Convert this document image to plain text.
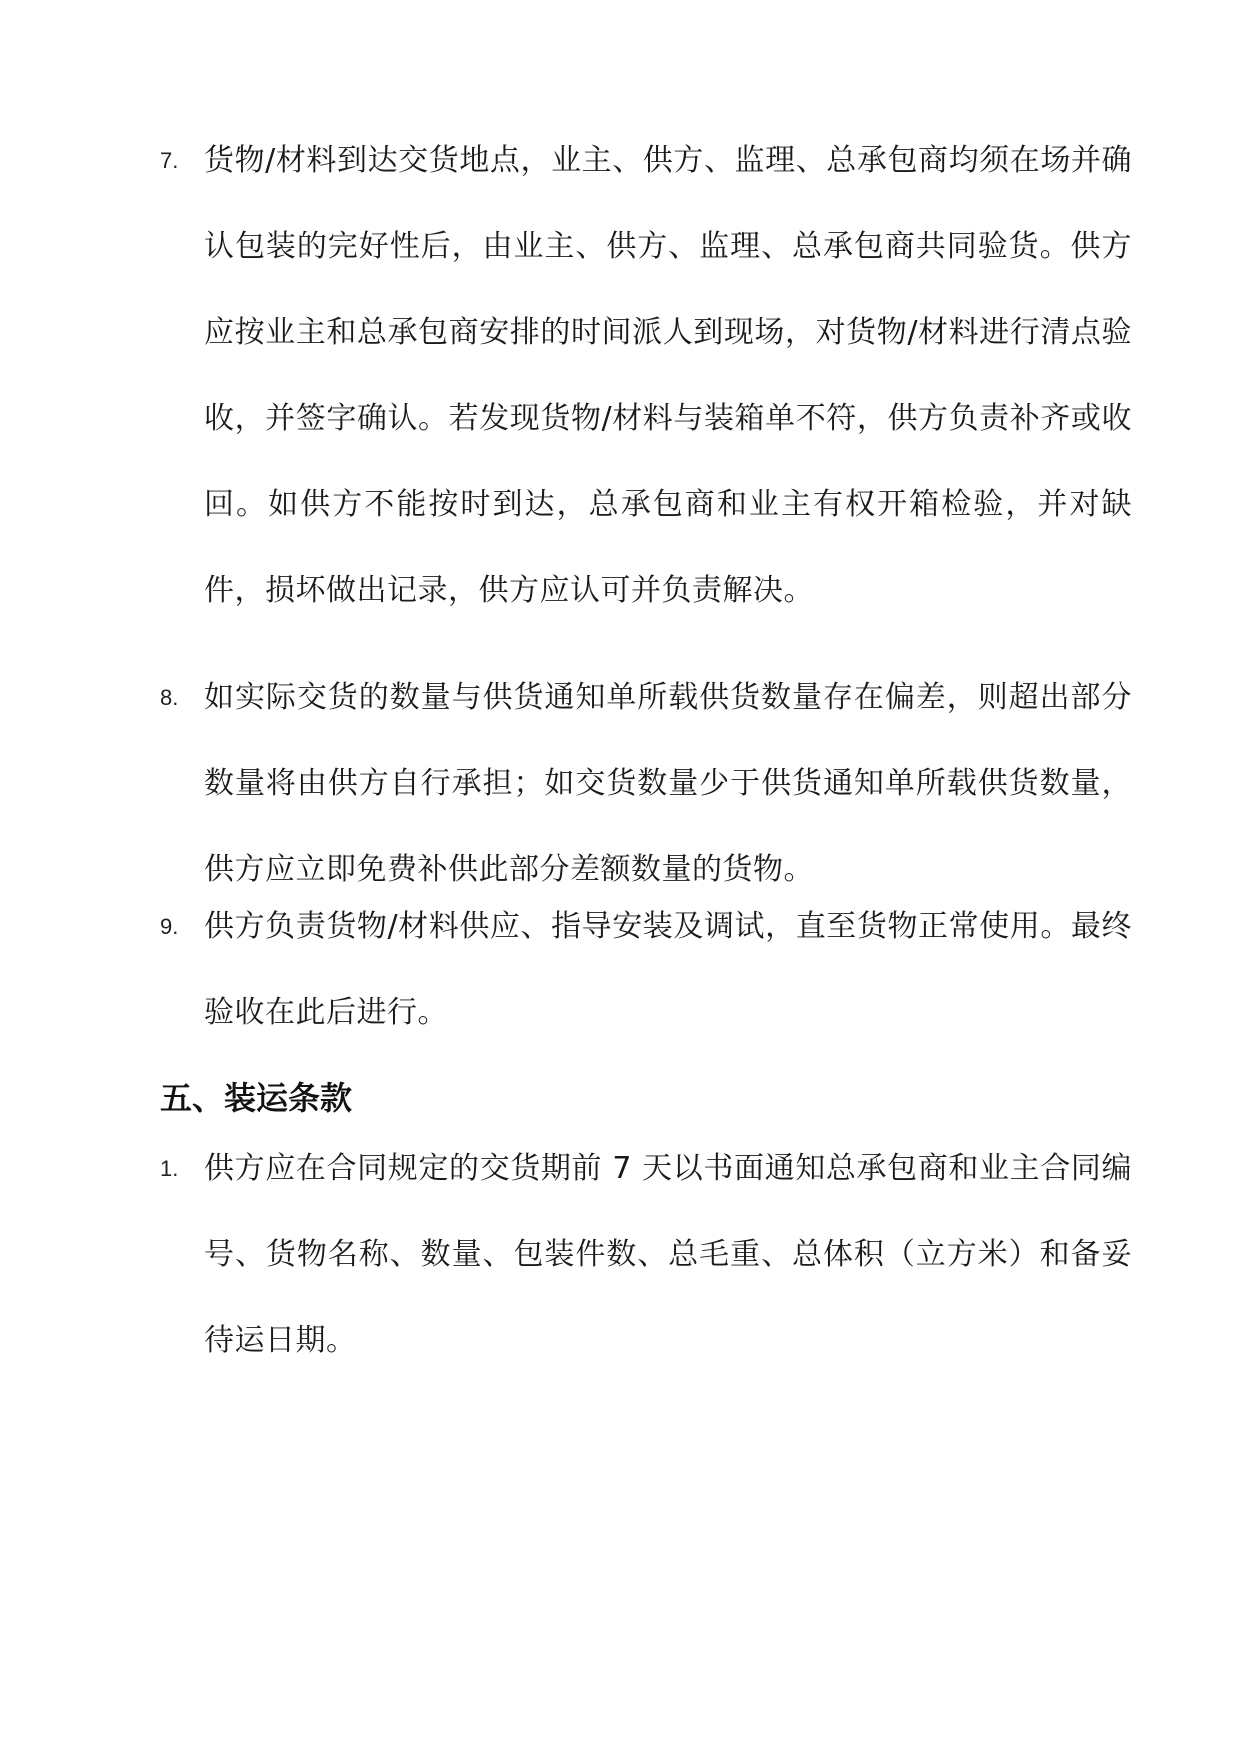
7. 货物/材料到达交货地点，业主、供方、监理、总承包商均须在场并确认包装的完好性后，由业主、供方、监理、总承包商共同验货。供方应按业主和总承包商安排的时间派人到现场，对货物/材料进行清点验收，并签字确认。若发现货物/材料与装箱单不符，供方负责补齐或收回。如供方不能按时到达，总承包商和业主有权开箱检验，并对缺件，损坏做出记录，供方应认可并负责解决。
8. 如实际交货的数量与供货通知单所载供货数量存在偏差，则超出部分数量将由供方自行承担；如交货数量少于供货通知单所载供货数量，供方应立即免费补供此部分差额数量的货物。
9. 供方负责货物/材料供应、指导安装及调试，直至货物正常使用。最终验收在此后进行。
五、装运条款
1. 供方应在合同规定的交货期前 7 天以书面通知总承包商和业主合同编号、货物名称、数量、包装件数、总毛重、总体积（立方米）和备妥待运日期。
